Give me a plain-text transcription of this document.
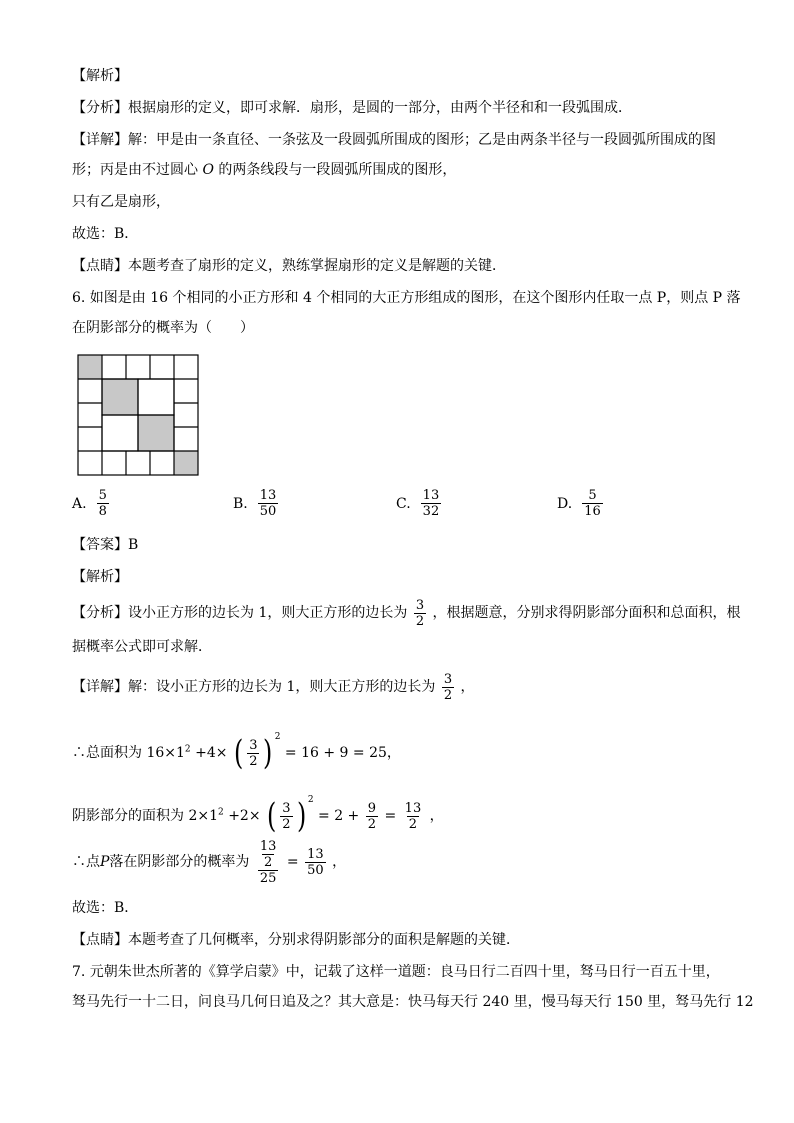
【解析】
【分析】根据扇形的定义，即可求解．扇形，是圆的一部分，由两个半径和和一段弧围成．
【详解】解：甲是由一条直径、一条弦及一段圆弧所围成的图形；乙是由两条半径与一段圆弧所围成的图
形；丙是由不过圆心 O 的两条线段与一段圆弧所围成的图形，
只有乙是扇形，
故选：B．
【点睛】本题考查了扇形的定义，熟练掌握扇形的定义是解题的关键．
6. 如图是由 16 个相同的小正方形和 4 个相同的大正方形组成的图形，在这个图形内任取一点 P，则点 P 落
在阴影部分的概率为（　　）
A. $\frac{5}{8}$	B. $\frac{13}{50}$	C. $\frac{13}{32}$	D. $\frac{5}{16}$
【答案】B
【解析】
【分析】设小正方形的边长为 1，则大正方形的边长为 $\frac{3}{2}$ ，根据题意，分别求得阴影部分面积和总面积，根
据概率公式即可求解．
【详解】解：设小正方形的边长为 1，则大正方形的边长为 $\frac{3}{2}$ ，
∴总面积为 $16\times 1^2 +4\times$ ( $\frac{3}{2}$ ) $^2$ = 16 + 9 = 25，
阴影部分的面积为 $2\times 1^2 +2\times$ ( $\frac{3}{2}$ ) $^2 = 2 + \frac{9}{2} = \frac{13}{2}$ ，
∴点P落在阴影部分的概率为 $\frac{\frac{13}{2}}{25} = \frac{13}{50}$ ，
故选：B．
【点睛】本题考查了几何概率，分别求得阴影部分的面积是解题的关键．
7. 元朝朱世杰所著的《算学启蒙》中，记载了这样一道题：良马日行二百四十里，驽马日行一百五十里，
驽马先行一十二日，问良马几何日追及之？其大意是：快马每天行 240 里，慢马每天行 150 里，驽马先行 12
